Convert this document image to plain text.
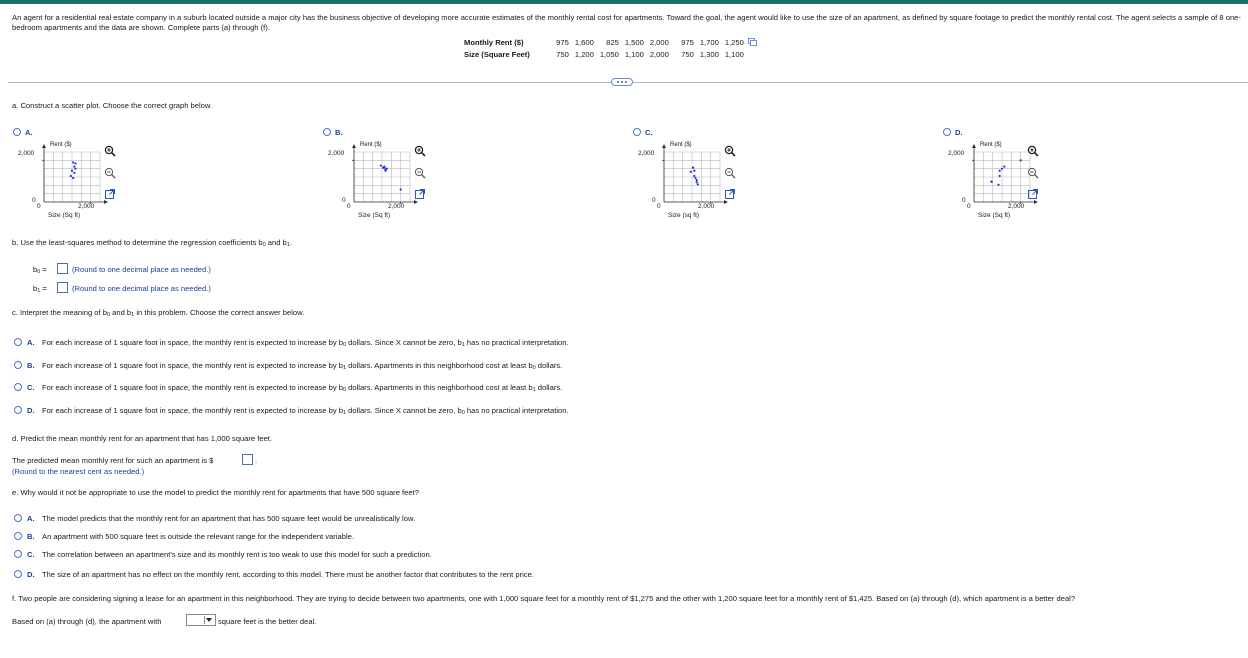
An agent for a residential real estate company in a suburb located outside a major city has the business objective of developing more accurate estimates of the monthly rental cost for apartments. Toward the goal, the agent would like to use the size of an apartment, as defined by square footage to predict the monthly rental cost. The agent selects a sample of 8 one-bedroom apartments and the data are shown. Complete parts (a) through (f).
Monthly Rent ($)	975	1,600	825	1,500	2,000	975	1,700	1,250	
Size (Square Feet)	750	1,200	1,050	1,100	2,000	750	1,300	1,100	
a. Construct a scatter plot. Choose the correct graph below.
A.
Rent ($)
2,000
0
0	2,000
Size (Sq ft)
B.
Rent ($)
2,000
0
0	2,000
Size (Sq ft)
C.
Rent ($)
2,000
0
0	2,000
Size (sq ft)
D.
Rent ($)
2,000
0
0	2,000
Size (Sq ft)
b. Use the least-squares method to determine the regression coefficients $b_0$ and $b_1$.
$b_0$ =	(Round to one decimal place as needed.)
$b_1$ =	(Round to one decimal place as needed.)
c. Interpret the meaning of $b_0$ and $b_1$ in this problem. Choose the correct answer below.
A. For each increase of 1 square foot in space, the monthly rent is expected to increase by $b_0$ dollars. Since X cannot be zero, $b_1$ has no practical interpretation.
B. For each increase of 1 square foot in space, the monthly rent is expected to increase by $b_1$ dollars. Apartments in this neighborhood cost at least $b_0$ dollars.
C. For each increase of 1 square foot in space, the monthly rent is expected to increase by $b_0$ dollars. Apartments in this neighborhood cost at least $b_1$ dollars.
D. For each increase of 1 square foot in space, the monthly rent is expected to increase by $b_1$ dollars. Since X cannot be zero, $b_0$ has no practical interpretation.
d. Predict the mean monthly rent for an apartment that has 1,000 square feet.
The predicted mean monthly rent for such an apartment is $	.
(Round to the nearest cent as needed.)
e. Why would it not be appropriate to use the model to predict the monthly rent for apartments that have 500 square feet?
A. The model predicts that the monthly rent for an apartment that has 500 square feet would be unrealistically low.
B. An apartment with 500 square feet is outside the relevant range for the independent variable.
C. The correlation between an apartment's size and its monthly rent is too weak to use this model for such a prediction.
D. The size of an apartment has no effect on the monthly rent, according to this model. There must be another factor that contributes to the rent price.
f. Two people are considering signing a lease for an apartment in this neighborhood. They are trying to decide between two apartments, one with 1,000 square feet for a monthly rent of $1,275 and the other with 1,200 square feet for a monthly rent of $1,425. Based on (a) through (d), which apartment is a better deal?
Based on (a) through (d), the apartment with	square feet is the better deal.
